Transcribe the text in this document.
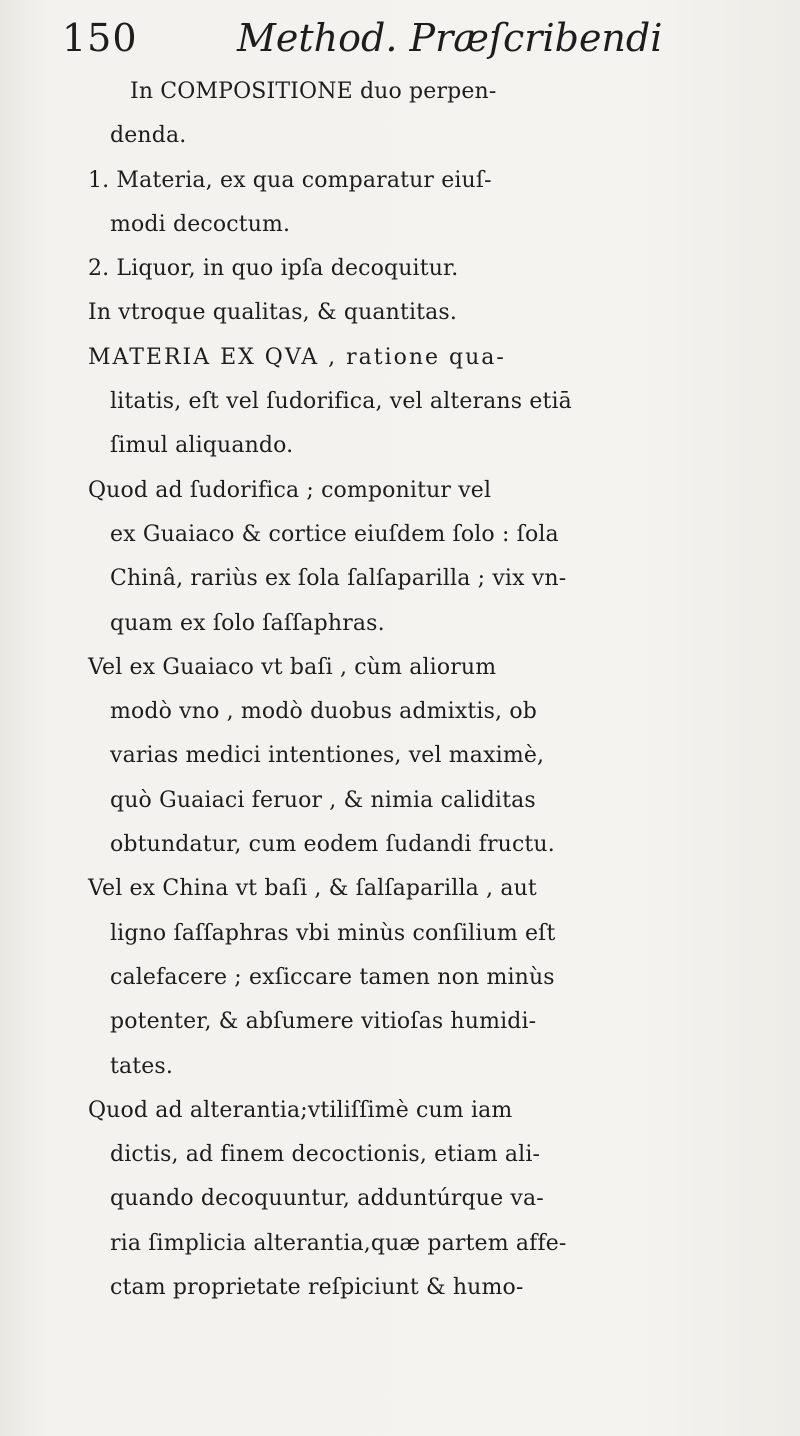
150	Method. Præſcribendi
In COMPOSITIONE duo perpen-
denda.
1. Materia, ex qua comparatur eiuſ-
modi decoctum.
2. Liquor, in quo ipſa decoquitur.
In vtroque qualitas, & quantitas.
MATERIA EX QVA , ratione qua-
litatis, eſt vel ſudorifica, vel alterans etiā
ſimul aliquando.
Quod ad ſudorifica ; componitur vel
ex Guaiaco & cortice eiuſdem ſolo : ſola
Chinâ, rariùs ex ſola ſalſaparilla ; vix vn-
quam ex ſolo ſaſſaphras.
Vel ex Guaiaco vt baſi , cùm aliorum
modò vno , modò duobus admixtis, ob
varias medici intentiones, vel maximè,
quò Guaiaci feruor , & nimia caliditas
obtundatur, cum eodem ſudandi fructu.
Vel ex China vt baſi , & ſalſaparilla , aut
ligno ſaſſaphras vbi minùs conſilium eſt
calefacere ; exſiccare tamen non minùs
potenter, & abſumere vitioſas humidi-
tates.
Quod ad alterantia;vtiliſſimè cum iam
dictis, ad finem decoctionis, etiam ali-
quando decoquuntur, adduntúrque va-
ria ſimplicia alterantia,quæ partem affe-
ctam proprietate reſpiciunt & humo-
